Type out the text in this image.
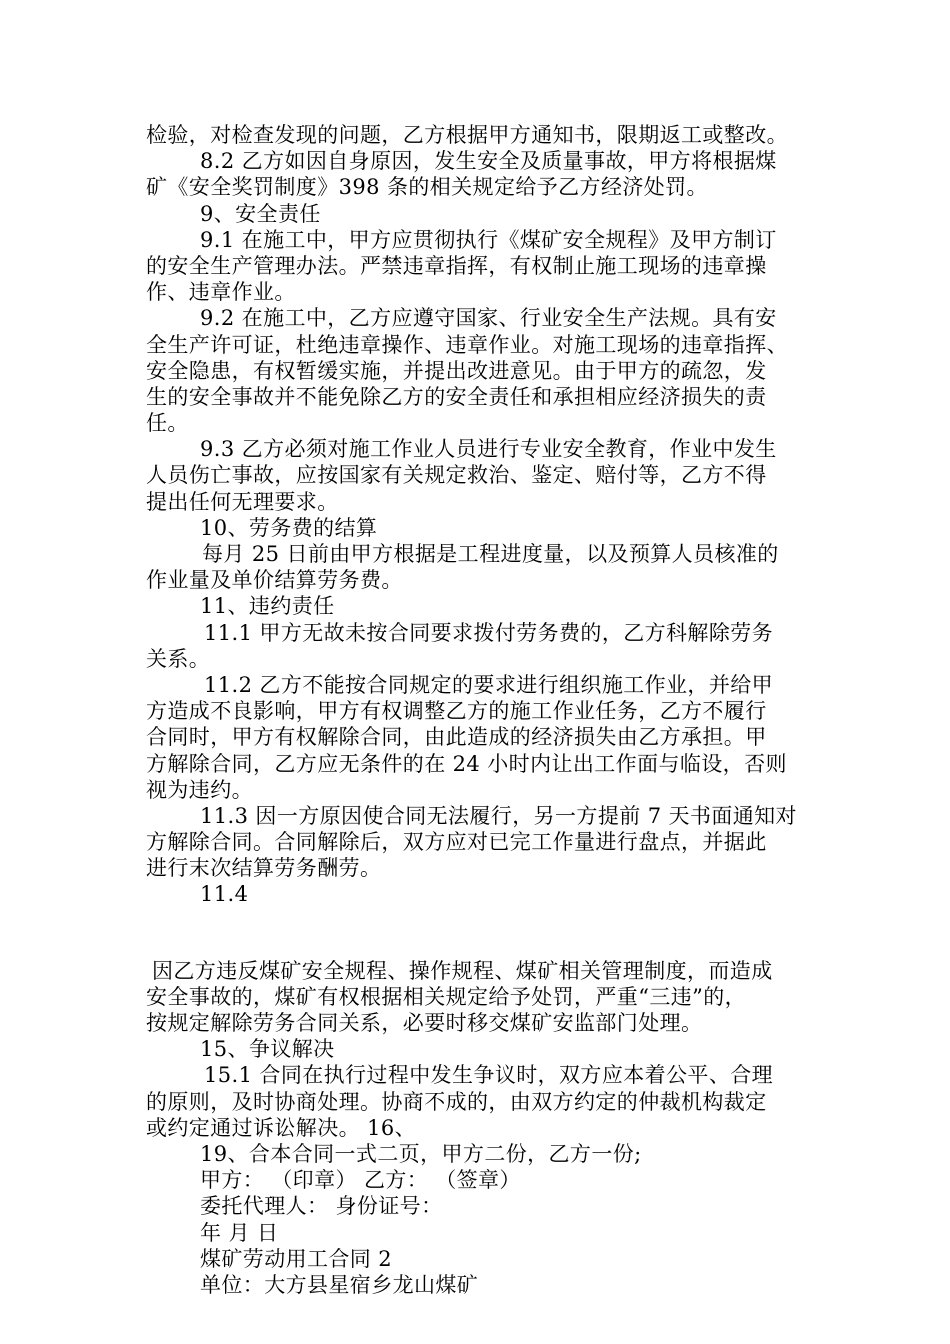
检验，对检查发现的问题，乙方根据甲方通知书，限期返工或整改。
8.2 乙方如因自身原因，发生安全及质量事故，甲方将根据煤
矿《安全奖罚制度》398 条的相关规定给予乙方经济处罚。
9、安全责任
9.1 在施工中，甲方应贯彻执行《煤矿安全规程》及甲方制订
的安全生产管理办法。严禁违章指挥，有权制止施工现场的违章操
作、违章作业。
9.2 在施工中，乙方应遵守国家、行业安全生产法规。具有安
全生产许可证，杜绝违章操作、违章作业。对施工现场的违章指挥、
安全隐患，有权暂缓实施，并提出改进意见。由于甲方的疏忽，发
生的安全事故并不能免除乙方的安全责任和承担相应经济损失的责
任。
9.3 乙方必须对施工作业人员进行专业安全教育，作业中发生
人员伤亡事故，应按国家有关规定救治、鉴定、赔付等，乙方不得
提出任何无理要求。
10、劳务费的结算
每月 25 日前由甲方根据是工程进度量，以及预算人员核准的
作业量及单价结算劳务费。
11、违约责任
11.1 甲方无故未按合同要求拨付劳务费的，乙方科解除劳务
关系。
11.2 乙方不能按合同规定的要求进行组织施工作业，并给甲
方造成不良影响，甲方有权调整乙方的施工作业任务，乙方不履行
合同时，甲方有权解除合同，由此造成的经济损失由乙方承担。甲
方解除合同，乙方应无条件的在 24 小时内让出工作面与临设，否则
视为违约。
11.3 因一方原因使合同无法履行，另一方提前 7 天书面通知对
方解除合同。合同解除后，双方应对已完工作量进行盘点，并据此
进行末次结算劳务酬劳。
11.4
因乙方违反煤矿安全规程、操作规程、煤矿相关管理制度，而造成
安全事故的，煤矿有权根据相关规定给予处罚，严重“三违”的，
按规定解除劳务合同关系，必要时移交煤矿安监部门处理。
15、争议解决
15.1 合同在执行过程中发生争议时，双方应本着公平、合理
的原则，及时协商处理。协商不成的，由双方约定的仲裁机构裁定
或约定通过诉讼解决。 16、
19、合本合同一式二页，甲方二份，乙方一份;
甲方： （印章） 乙方： （签章）
委托代理人： 身份证号：
年 月 日
煤矿劳动用工合同 2
单位：大方县星宿乡龙山煤矿
